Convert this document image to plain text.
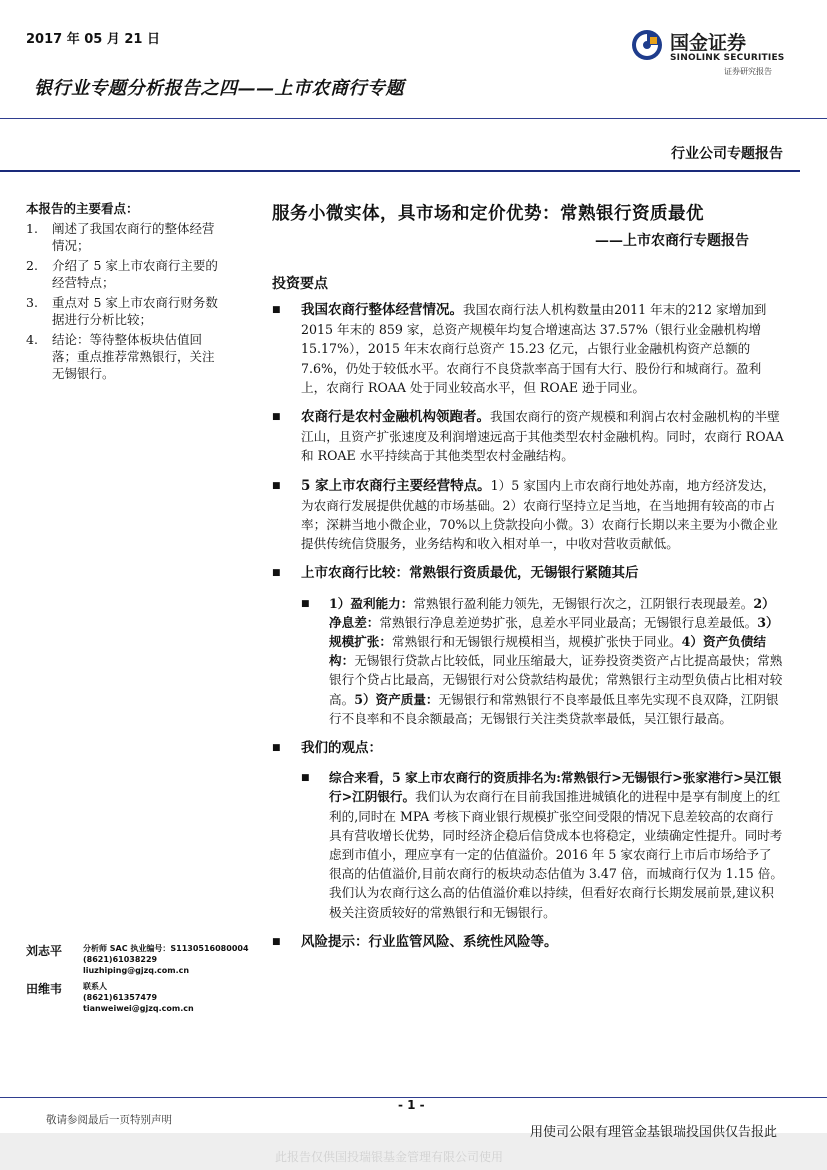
2017 年 05 月 21 日
银行业专题分析报告之四——上市农商行专题
国金证券
SINOLINK SECURITIES
证券研究报告
行业公司专题报告
本报告的主要看点：
1. 阐述了我国农商行的整体经营情况；
2. 介绍了 5 家上市农商行主要的经营特点；
3. 重点对 5 家上市农商行财务数据进行分析比较；
4. 结论：等待整体板块估值回落；重点推荐常熟银行，关注无锡银行。
刘志平	分析师 SAC 执业编号：S1130516080004
(8621)61038229
liuzhiping@gjzq.com.cn
田维韦	联系人
(8621)61357479
tianweiwei@gjzq.com.cn
服务小微实体，具市场和定价优势：常熟银行资质最优
——上市农商行专题报告
投资要点
■ 我国农商行整体经营情况。我国农商行法人机构数量由2011 年末的212 家增加到 2015 年末的 859 家，总资产规模年均复合增速高达 37.57%（银行业金融机构增 15.17%），2015 年末农商行总资产 15.23 亿元，占银行业金融机构资产总额的 7.6%，仍处于较低水平。农商行不良贷款率高于国有大行、股份行和城商行。盈利上，农商行 ROAA 处于同业较高水平，但 ROAE 逊于同业。
■ 农商行是农村金融机构领跑者。我国农商行的资产规模和利润占农村金融机构的半壁江山，且资产扩张速度及利润增速远高于其他类型农村金融机构。同时，农商行 ROAA 和 ROAE 水平持续高于其他类型农村金融结构。
■ 5 家上市农商行主要经营特点。1）5 家国内上市农商行地处苏南，地方经济发达，为农商行发展提供优越的市场基础。2）农商行坚持立足当地，在当地拥有较高的市占率；深耕当地小微企业，70%以上贷款投向小微。3）农商行长期以来主要为小微企业提供传统信贷服务，业务结构和收入相对单一，中收对营收贡献低。
■ 上市农商行比较：常熟银行资质最优，无锡银行紧随其后
■ 1）盈利能力：常熟银行盈利能力领先，无锡银行次之，江阴银行表现最差。2）净息差：常熟银行净息差逆势扩张，息差水平同业最高；无锡银行息差最低。3）规模扩张：常熟银行和无锡银行规模相当，规模扩张快于同业。4）资产负债结构：无锡银行贷款占比较低，同业压缩最大，证券投资类资产占比提高最快；常熟银行个贷占比最高，无锡银行对公贷款结构最优；常熟银行主动型负债占比相对较高。5）资产质量：无锡银行和常熟银行不良率最低且率先实现不良双降，江阴银行不良率和不良余额最高；无锡银行关注类贷款率最低，吴江银行最高。
■ 我们的观点：
■ 综合来看，5 家上市农商行的资质排名为:常熟银行>无锡银行>张家港行>吴江银行>江阴银行。我们认为农商行在目前我国推进城镇化的进程中是享有制度上的红利的,同时在 MPA 考核下商业银行规模扩张空间受限的情况下息差较高的农商行具有营收增长优势，同时经济企稳后信贷成本也将稳定，业绩确定性提升。同时考虑到市值小，理应享有一定的估值溢价。2016 年 5 家农商行上市后市场给予了很高的估值溢价,目前农商行的板块动态估值为 3.47 倍，而城商行仅为 1.15 倍。我们认为农商行这么高的估值溢价难以持续，但看好农商行长期发展前景,建议积极关注资质较好的常熟银行和无锡银行。
■ 风险提示：行业监管风险、系统性风险等。
- 1 -
敬请参阅最后一页特别声明
此报告仅供国投瑞银基金管理有限公司使用
用使司公限有理管金基银瑞投国供仅告报此
